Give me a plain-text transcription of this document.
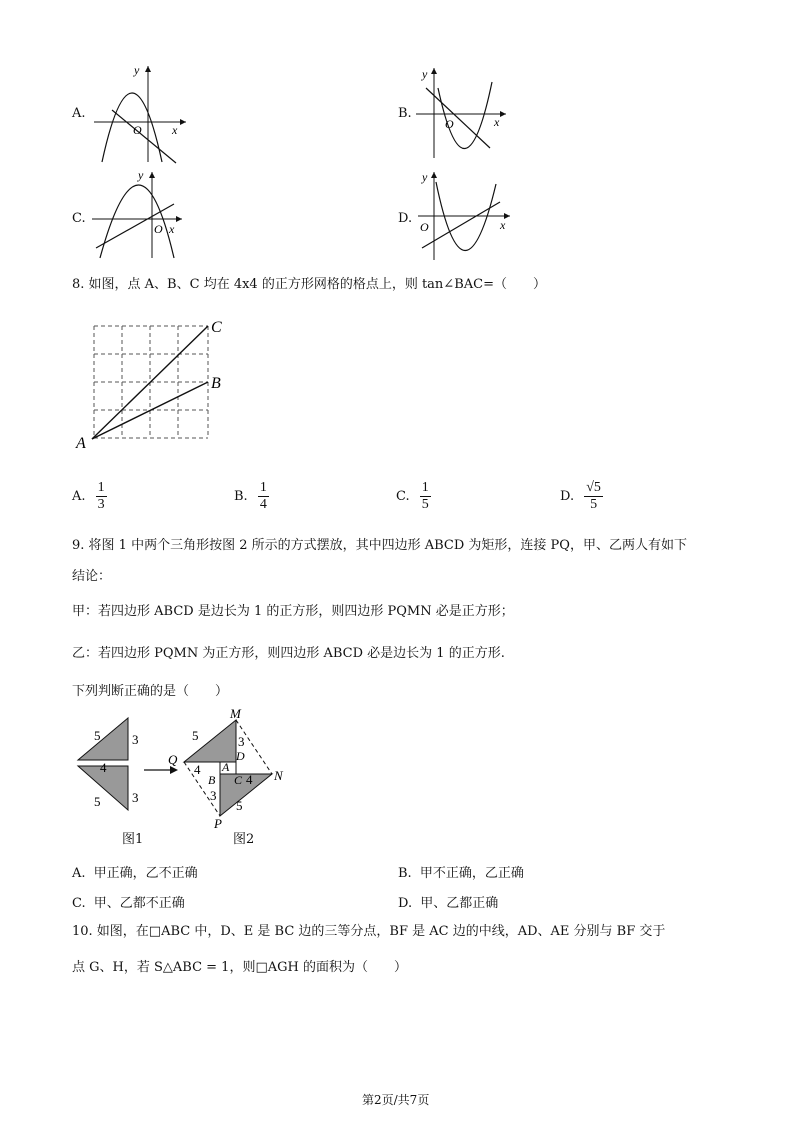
A.
y
x
O
B.
y
x
O
C.
y
x
O
D.
y
x
O
8. 如图，点 A、B、C 均在 4x4 的正方形网格的格点上，则 tan∠BAC=（　　）
C
B
A
A. $\frac{1}{3}$	B. $\frac{1}{4}$	C. $\frac{1}{5}$	D. $\frac{√5}{5}$
9. 将图 1 中两个三角形按图 2 所示的方式摆放，其中四边形 ABCD 为矩形，连接 PQ，甲、乙两人有如下
结论：
甲：若四边形 ABCD 是边长为 1 的正方形，则四边形 PQMN 必是正方形；
乙：若四边形 PQMN 为正方形，则四边形 ABCD 必是边长为 1 的正方形.
下列判断正确的是（　　）
5 3
4
5 3
图1
M
Q
N
P
A
B C
D
5	3
4
4
3
5
图2
A. 甲正确，乙不正确	B. 甲不正确，乙正确
C. 甲、乙都不正确	D. 甲、乙都正确
10. 如图，在□ABC 中，D、E 是 BC 边的三等分点，BF 是 AC 边的中线，AD、AE 分别与 BF 交于
点 G、H，若 S△ABC = 1，则□AGH 的面积为（　　）
第2页/共7页
